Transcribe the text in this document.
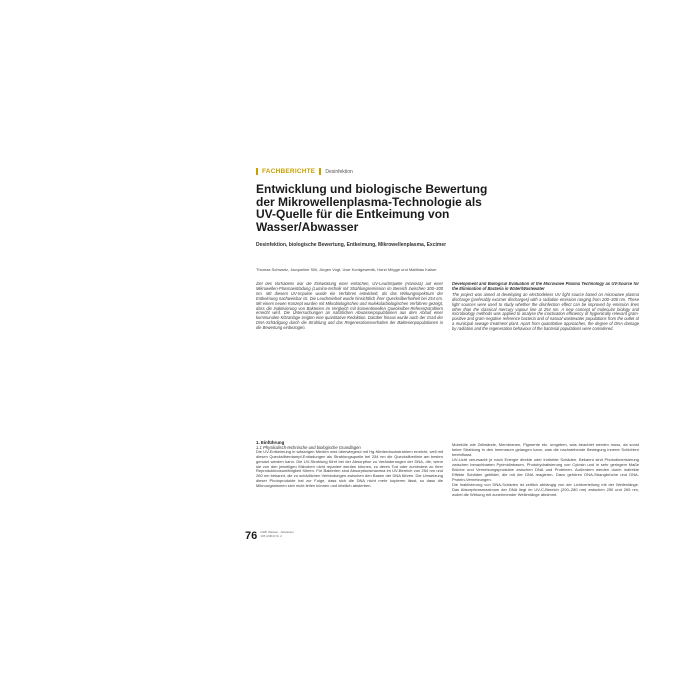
FACHBERICHTE Desinfektion
Entwicklung und biologische Bewertung der Mikrowellenplasma-Technologie als UV-Quelle für die Entkeimung von Wasser/Abwasser
Desinfektion, biologische Bewertung, Entkeimung, Mikrowellenplasma, Excimer
Thomas Schwartz, Jacqueline Silli, Jürgen Vogt, Uwe Kordgewentk, Horst Mögge und Matthias Kaiser
Ziel des Vorhabens war die Entwicklung einer einfachen, UV-Leuchtquelle (Hanovia) auf einer Mikrowellen-Plasmaentladung (Lumino-technik mit Strahlungsemission im Bereich zwischen 300–300 nm. Mit diesem UV-Impulse wurde ein Verfahren entwickelt, als das Wirkungsspektrum der Entkeimung nachweisbar ist. Die Leuchteinheit wurde hinsichtlich ihrer Quecksilberfreiheit bei 254 nm. Mit einem neuen Konzept wurden mit Mikrobiologischen und molekularbiologischen Verfahren gezeigt, dass die Inaktivierung von Bakterien im Vergleich mit konventionellen Quecksilber-Referenzstrahlern erreicht wird. Die Untersuchungen an natürlichen Abwasserpopulationen aus dem Ablauf einer kommunalen Kläranlage zeigten eine quantitative Reduktion. Darüber hinaus wurde auch der Grad der DNA-Schädigung durch die Strahlung und das Regenerationsverhalten der Bakterienpopulationen in die Bewertung einbezogen.
Development and Biological Evaluation of the Microwave Plasma Technology as UV-Source for the Elimination of Bacteria in Water/Wastewater
The project was aimed at developing an electrodeless UV light source based on microwave plasma discharge (preferably excimer discharges) with a radiation emission ranging from 200–300 nm. These light sources were used to study whether the disinfection effect can be improved by emission lines other than the classical mercury vapour line at 254 nm. A new concept of molecular biology and microbiology methods was applied to analyse the inactivation efficiency of hygienically relevant gram-positive and gram-negative reference bacteria and of natural wastewater populations from the outlet of a municipal sewage treatment plant. Apart from quantitative approaches, the degree of DNA damage by radiation and the regeneration behaviour of the bacterial populations were considered.
1. Einführung
1.1 Physikalisch-technische und biologische Grundlagen

Die UV-Entkeimung in wässrigen Medien wird überwiegend mit Hg-Niederdruckstrahlern erreicht, weil mit diesen Quecksilberdampf-Entladungen als Strahlungsquelle bei 254 nm die Quecksilberlinie am besten genutzt werden kann. Die UV-Strahlung führt bei der Absorption zu Veränderungen der DNA, die, wenn sie von den jeweiligen Mikroben nicht repariert werden können, zu deren Tod oder zumindest zu ihrer Reproduktionsunfähigkeit führen. Für Bakterien sind Absorptionsmaxima im UV-Bereich von 254 nm und 260 nm bekannt, die zu schädlichen Verbindungen zwischen den Basen der DNA führen. Die Umsetzung dieser Photoprodukte hat zur Folge, dass sich die DNA nicht mehr kopieren lässt, so dass die Mikroorganismen sich nicht teilen können und letztlich absterben.

Moleküle wie Zellwände, Membranen, Pigmente etc. umgeben, was beachtet werden muss, da sonst keine Strahlung in den Innenraum gelangen kann, was die nachstehende Bewegung innerer Schichten beeinflusst.

UV-Licht verursacht je nach Energie direkte oder indirekte Schäden. Bekannt sind Photodimerisierung zwischen benachbarten Pyrimidinbasen, Photohydratisierung von Cytosin und in sehr geringem Maße Brüche und Vernetzungsprodukte zwischen DNA und Proteinen. Außerdem werden durch indirekte Effekte Schäden gebildet, die mit der DNA reagieren. Dazu gehören DNA-Strangbrüche und DNA-Protein-Vernetzungen.

Die Inaktivierung von DNA-Schäden ist zeitlich abhängig von der Lichtverteilung mit der Wellenlänge. Das Absorptionsmaximum der DNA liegt im UV-C-Bereich (200–280 nm) zwischen 250 und 265 nm, wobei die Wirkung mit zunehmender Wellenlänge abnimmt.

76 GWF Wasser · Abwasser
145 (2004) Nr. 2
